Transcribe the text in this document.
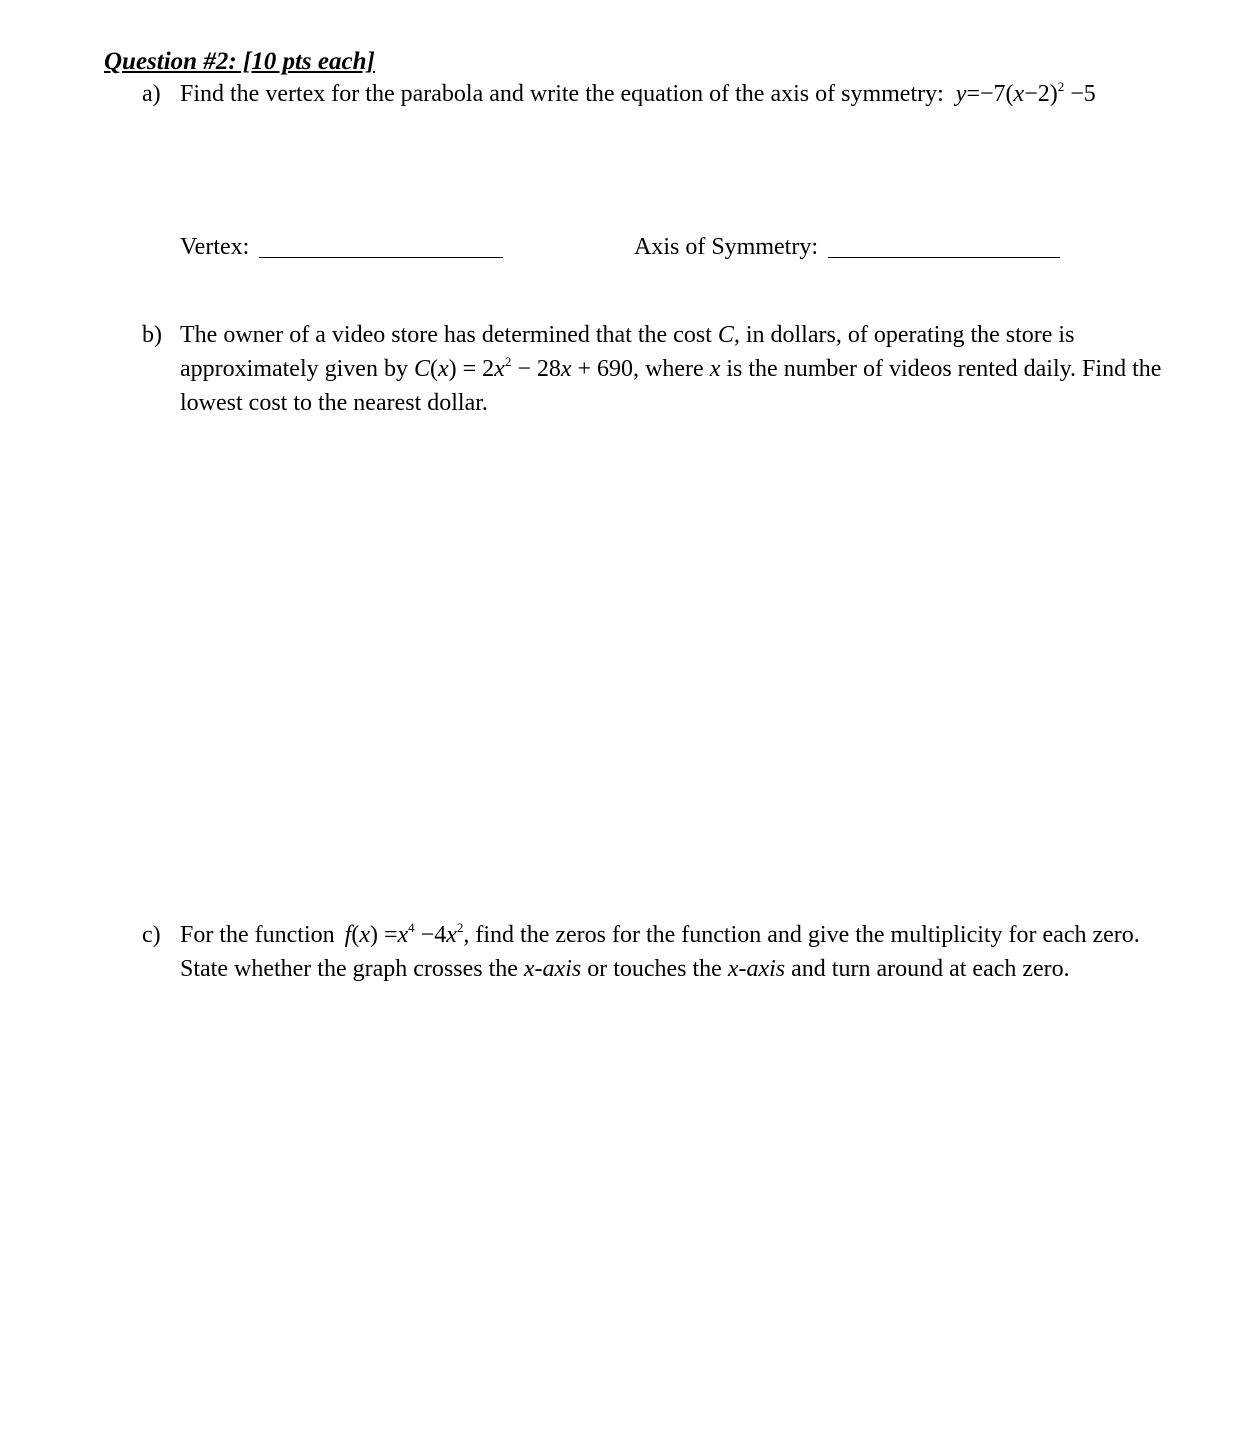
Question #2: [10 pts each]
a) Find the vertex for the parabola and write the equation of the axis of symmetry: $y=-7(x-2)^2 -5$
Vertex:	Axis of Symmetry:
b) The owner of a video store has determined that the cost C, in dollars, of operating the store is approximately given by $C(x) = 2x^2 - 28x + 690$, where x is the number of videos rented daily. Find the lowest cost to the nearest dollar.
c) For the function $f(x) =x^4 -4x^2$, find the zeros for the function and give the multiplicity for each zero. State whether the graph crosses the x-axis or touches the x-axis and turn around at each zero.
